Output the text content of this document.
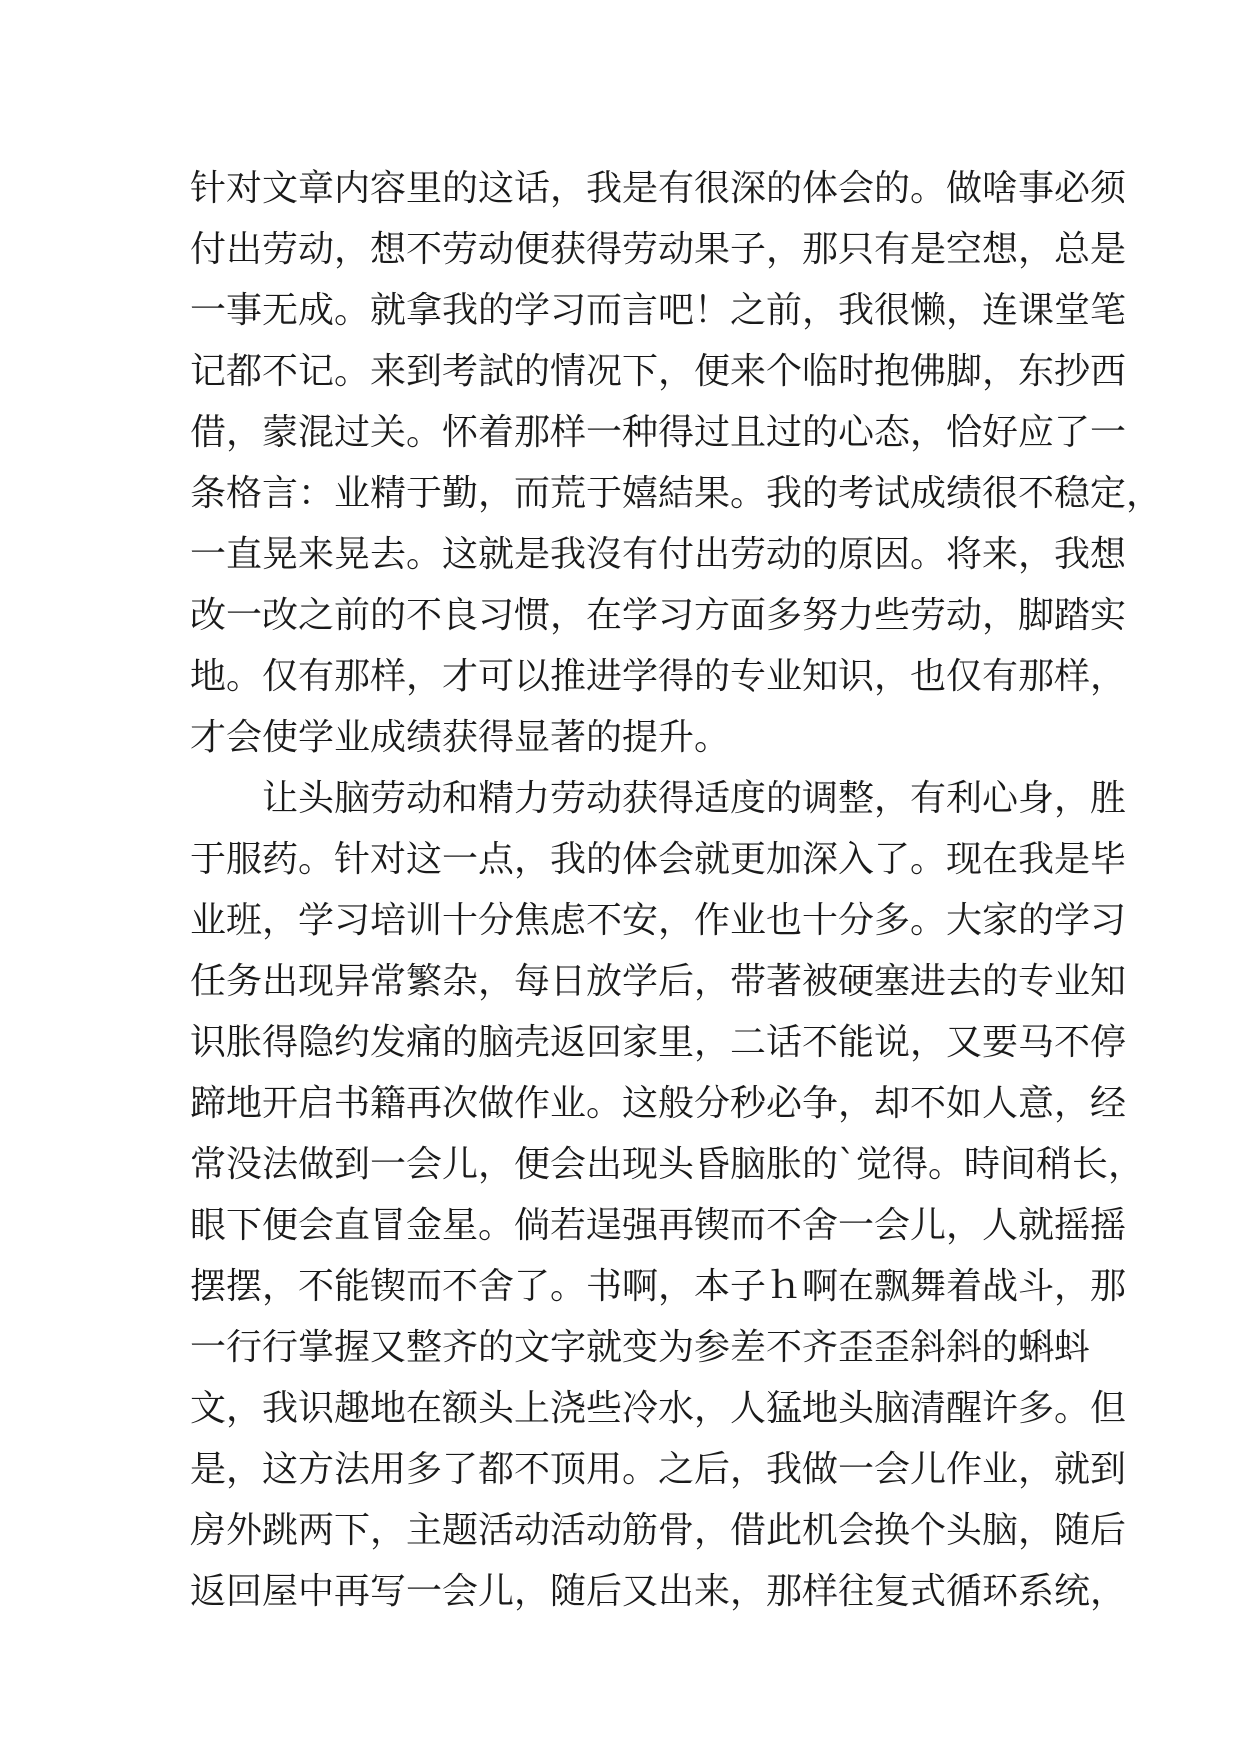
针对文章内容里的这话，我是有很深的体会的。做啥事必须
付出劳动，想不劳动便获得劳动果子，那只有是空想，总是
一事无成。就拿我的学习而言吧！之前，我很懒，连课堂笔
记都不记。来到考試的情况下，便来个临时抱佛脚，东抄西
借，蒙混过关。怀着那样一种得过且过的心态，恰好应了一
条格言：业精于勤，而荒于嬉結果。我的考试成绩很不稳定，
一直晃来晃去。这就是我沒有付出劳动的原因。将来，我想
改一改之前的不良习惯，在学习方面多努力些劳动，脚踏实
地。仅有那样，才可以推进学得的专业知识，也仅有那样，
才会使学业成绩获得显著的提升。
让头脑劳动和精力劳动获得适度的调整，有利心身，胜
于服药。针对这一点，我的体会就更加深入了。现在我是毕
业班，学习培训十分焦虑不安，作业也十分多。大家的学习
任务出现异常繁杂，每日放学后，带著被硬塞进去的专业知
识胀得隐约发痛的脑壳返回家里，二话不能说，又要马不停
蹄地开启书籍再次做作业。这般分秒必争，却不如人意，经
常没法做到一会儿，便会出现头昏脑胀的`觉得。時间稍长，
眼下便会直冒金星。倘若逞强再锲而不舍一会儿，人就摇摇
摆摆，不能锲而不舍了。书啊，本子ｈ啊在飘舞着战斗，那
一行行掌握又整齐的文字就变为参差不齐歪歪斜斜的蝌蚪
文，我识趣地在额头上浇些冷水，人猛地头脑清醒许多。但
是，这方法用多了都不顶用。之后，我做一会儿作业，就到
房外跳两下，主题活动活动筋骨，借此机会换个头脑，随后
返回屋中再写一会儿，随后又出来，那样往复式循环系统，
